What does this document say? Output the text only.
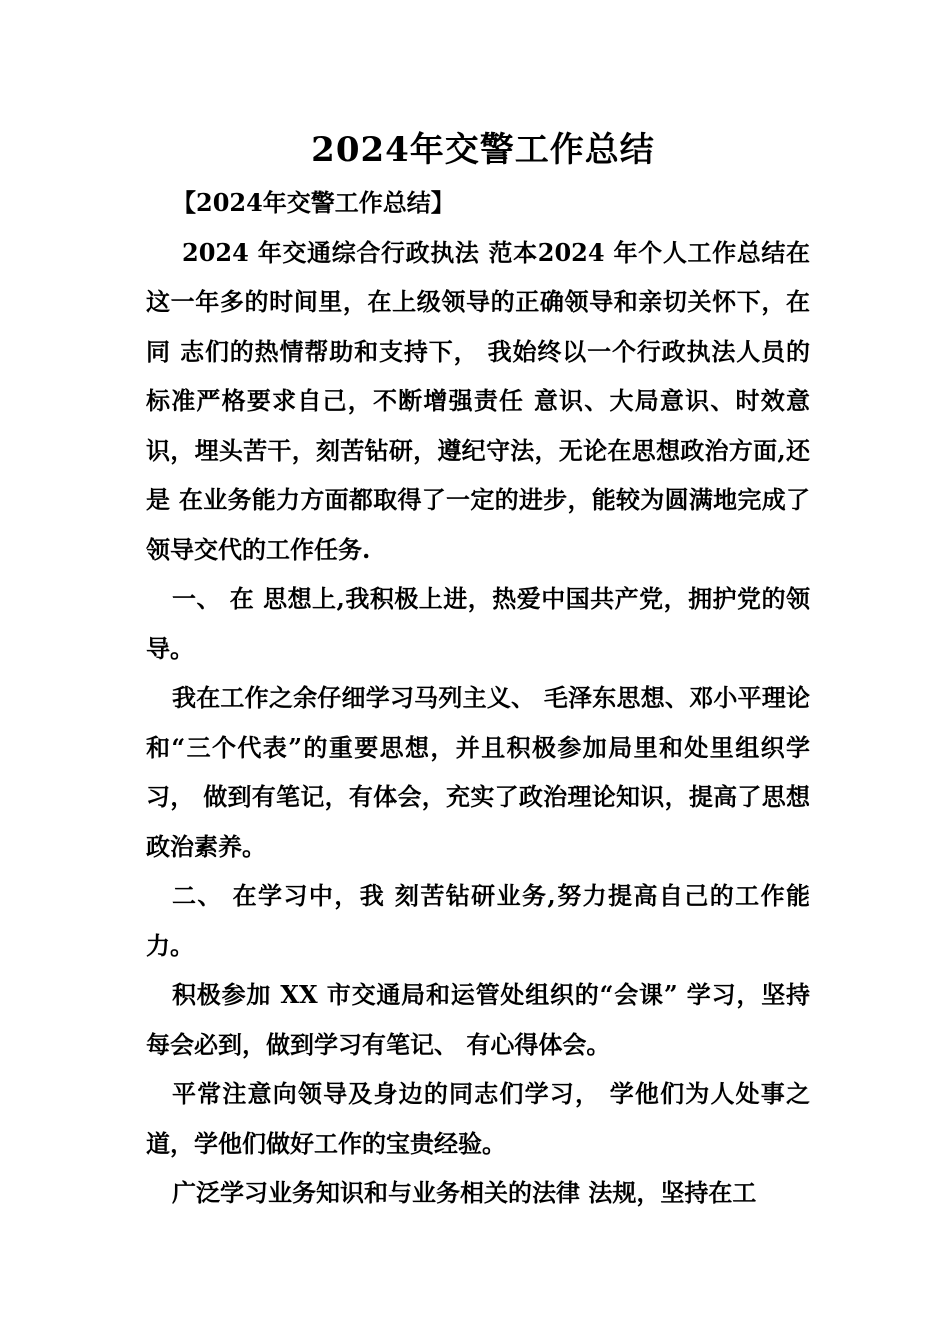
2024年交警工作总结

【2024年交警工作总结】

2024 年交通综合行政执法 范本2024 年个人工作总结在这一年多的时间里，在上级领导的正确领导和亲切关怀下，在同 志们的热情帮助和支持下， 我始终以一个行政执法人员的标准严格要求自己，不断增强责任 意识、大局意识、时效意识，埋头苦干，刻苦钻研，遵纪守法，无论在思想政治方面,还是 在业务能力方面都取得了一定的进步，能较为圆满地完成了领导交代的工作任务.

一、 在 思想上,我积极上进，热爱中国共产党，拥护党的领导。

我在工作之余仔细学习马列主义、 毛泽东思想、邓小平理论和“三个代表”的重要思想，并且积极参加局里和处里组织学习， 做到有笔记，有体会，充实了政治理论知识，提高了思想政治素养。

二、 在学习中，我 刻苦钻研业务,努力提高自己的工作能力。

积极参加 XX 市交通局和运管处组织的“会课” 学习，坚持每会必到，做到学习有笔记、 有心得体会。

平常注意向领导及身边的同志们学习， 学他们为人处事之道，学他们做好工作的宝贵经验。

广泛学习业务知识和与业务相关的法律 法规，坚持在工
